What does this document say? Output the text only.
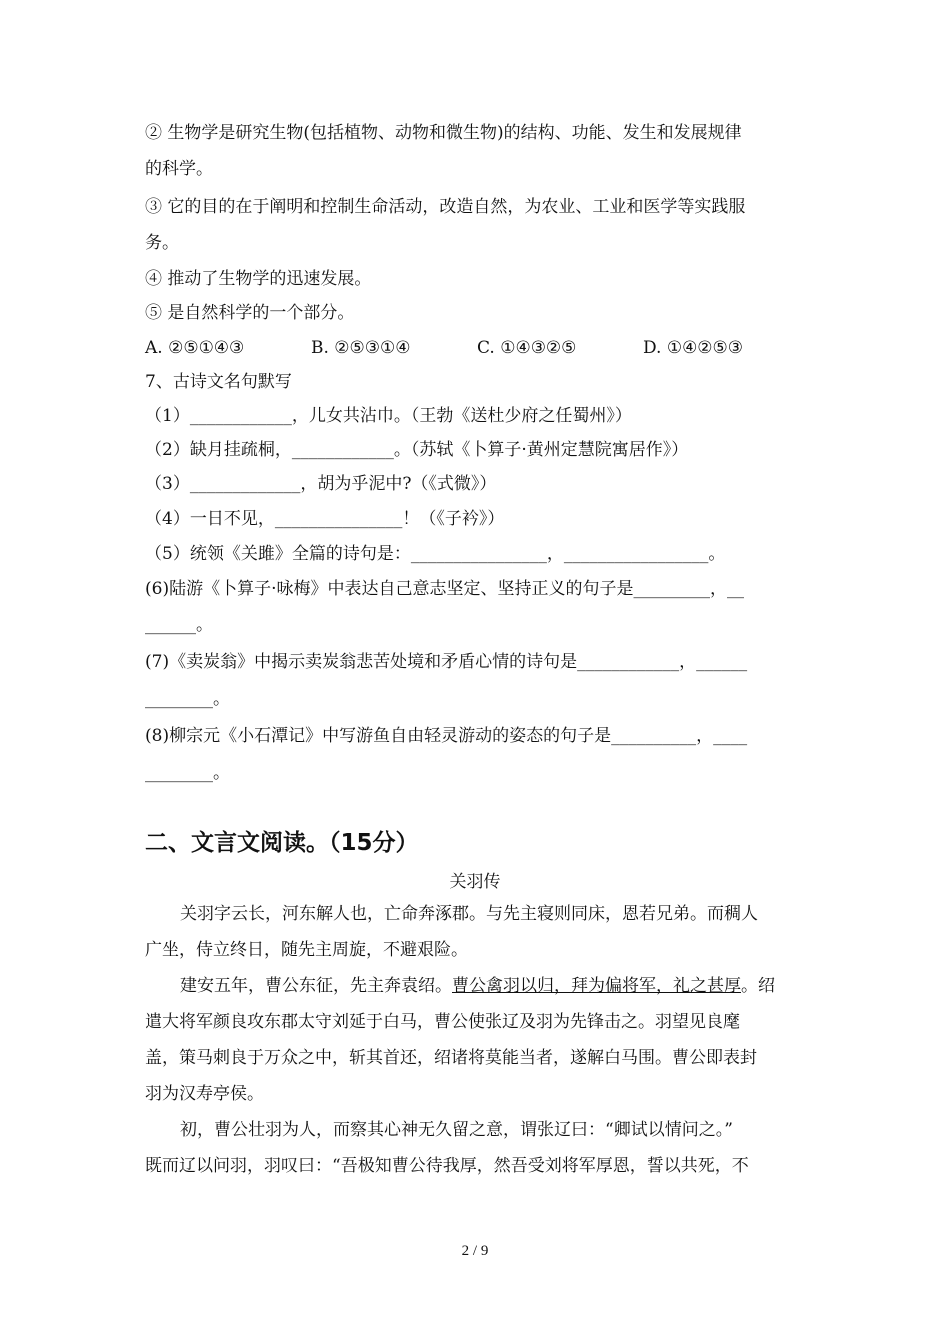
② 生物学是研究生物(包括植物、动物和微生物)的结构、功能、发生和发展规律
的科学。
③ 它的目的在于阐明和控制生命活动，改造自然，为农业、工业和医学等实践服
务。
④ 推动了生物学的迅速发展。
⑤ 是自然科学的一个部分。
A. ②⑤①④③	B. ②⑤③①④	C. ①④③②⑤	D. ①④②⑤③
7、古诗文名句默写
（1）____________，儿女共沾巾。（王勃《送杜少府之任蜀州》）
（2）缺月挂疏桐，____________。（苏轼《卜算子·黄州定慧院寓居作》）
（3）_____________，胡为乎泥中?（《式微》）
（4）一日不见，_______________！（《子衿》）
（5）统领《关雎》全篇的诗句是：________________，_________________。
(6)陆游《卜算子·咏梅》中表达自己意志坚定、坚持正义的句子是_________，__
______。
(7)《卖炭翁》中揭示卖炭翁悲苦处境和矛盾心情的诗句是____________，______
________。
(8)柳宗元《小石潭记》中写游鱼自由轻灵游动的姿态的句子是__________，____
________。
二、文言文阅读。（15分）
关羽传
关羽字云长，河东解人也，亡命奔涿郡。与先主寝则同床，恩若兄弟。而稠人
广坐，侍立终日，随先主周旋，不避艰险。
建安五年，曹公东征，先主奔袁绍。曹公禽羽以归，拜为偏将军，礼之甚厚。绍
遣大将军颜良攻东郡太守刘延于白马，曹公使张辽及羽为先锋击之。羽望见良麾
盖，策马刺良于万众之中，斩其首还，绍诸将莫能当者，遂解白马围。曹公即表封
羽为汉寿亭侯。
初，曹公壮羽为人，而察其心神无久留之意，谓张辽曰：“卿试以情问之。”
既而辽以问羽，羽叹曰：“吾极知曹公待我厚，然吾受刘将军厚恩，誓以共死，不
2 / 9
